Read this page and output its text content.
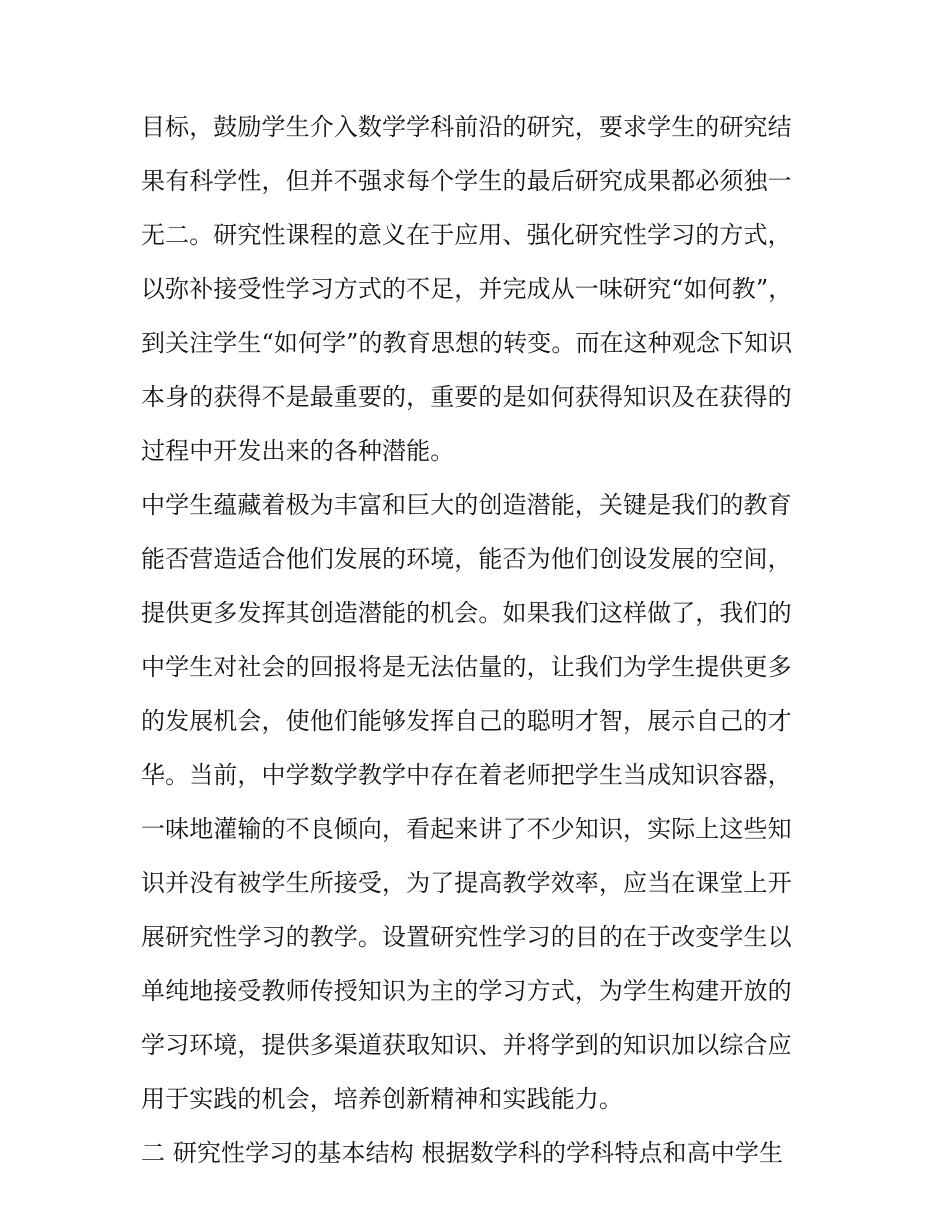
目标，鼓励学生介入数学学科前沿的研究，要求学生的研究结
果有科学性，但并不强求每个学生的最后研究成果都必须独一
无二。研究性课程的意义在于应用、强化研究性学习的方式，
以弥补接受性学习方式的不足，并完成从一味研究“如何教”，
到关注学生“如何学”的教育思想的转变。而在这种观念下知识
本身的获得不是最重要的，重要的是如何获得知识及在获得的
过程中开发出来的各种潜能。
中学生蕴藏着极为丰富和巨大的创造潜能，关键是我们的教育
能否营造适合他们发展的环境，能否为他们创设发展的空间，
提供更多发挥其创造潜能的机会。如果我们这样做了，我们的
中学生对社会的回报将是无法估量的，让我们为学生提供更多
的发展机会，使他们能够发挥自己的聪明才智，展示自己的才
华。当前，中学数学教学中存在着老师把学生当成知识容器，
一味地灌输的不良倾向，看起来讲了不少知识，实际上这些知
识并没有被学生所接受，为了提高教学效率，应当在课堂上开
展研究性学习的教学。设置研究性学习的目的在于改变学生以
单纯地接受教师传授知识为主的学习方式，为学生构建开放的
学习环境，提供多渠道获取知识、并将学到的知识加以综合应
用于实践的机会，培养创新精神和实践能力。
二 研究性学习的基本结构 根据数学科的学科特点和高中学生
